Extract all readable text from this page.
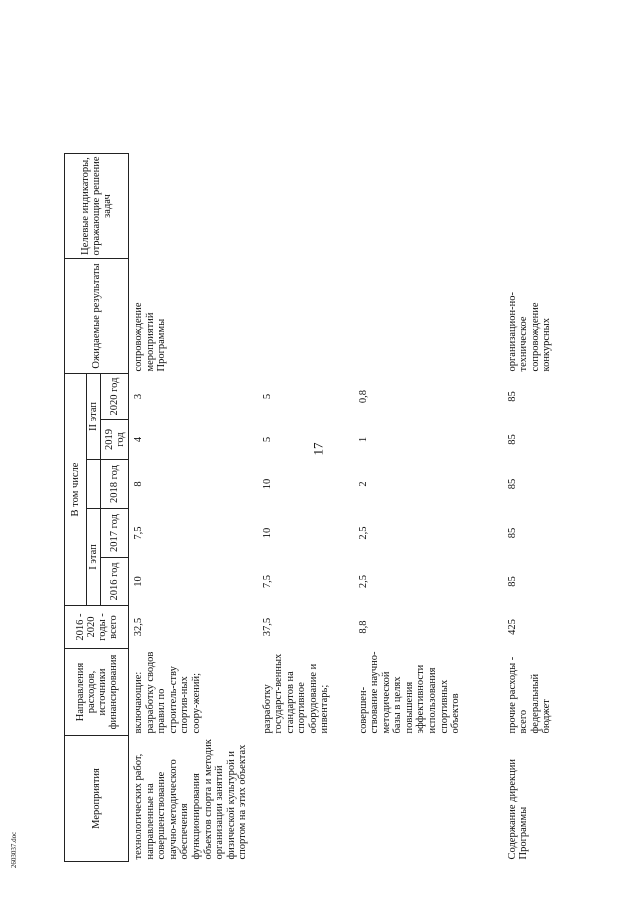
17
2603037.doc
Мероприятия	Направления расходов, источники финансирования	2016 - 2020 годы - всего	В том числе					Ожидаемые результаты	Целевые индикаторы, отражающие решение задач
			I этап			II этап			
			2016 год	2017 год	2018 год	2019 год	2020 год		
технологических работ, направленные на совершенствование научно-методического обеспечения функционирования объектов спорта и методик организации занятий физической культурой и спортом на этих объектах	включающие: разработку сводов правил по строитель-ству спортив-ных соору-жений;	32,5	10	7,5	8	4	3	сопровождение мероприятий Программы	
	разработку государст-венных стандартов на спортивное оборудование и инвентарь;	37,5	7,5	10	10	5	5		
	совершен-ствование научно-методической базы в целях повышения эффективности использования спортивных объектов	8,8	2,5	2,5	2	1	0,8		
Содержание дирекции Программы	прочие расходы - всего федеральный бюджет	425	85	85	85	85	85	организацион-но-техническое сопровождение конкурсных	
